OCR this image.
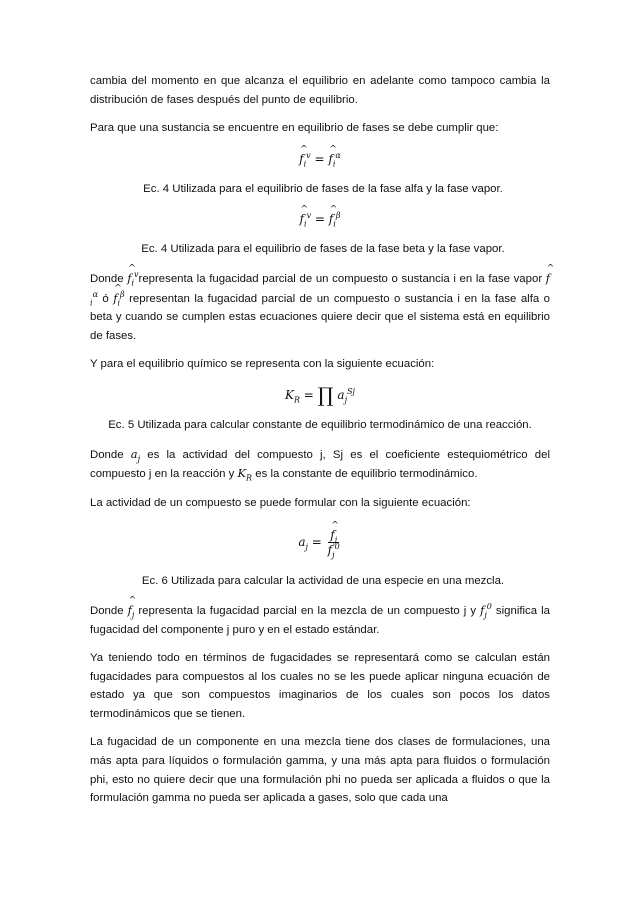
cambia del momento en que alcanza el equilibrio en adelante como tampoco cambia la distribución de fases después del punto de equilibrio.

Para que una sustancia se encuentre en equilibrio de fases se debe cumplir que:

^ $f_i^v$ = ^ $f_i^\alpha$

Ec. 4 Utilizada para el equilibrio de fases de la fase alfa y la fase vapor.

^ $f_i^v$ = ^ $f_i^\beta$

Ec. 4 Utilizada para el equilibrio de fases de la fase beta y la fase vapor.

Donde ^ $f_i^vrepresenta$ la fugacidad parcial de un compuesto o sustancia i en la fase vapor ^ $f_i^\alpha$ ó ^ $f_i^\beta$ representan la fugacidad parcial de un compuesto o sustancia i en la fase alfa o beta y cuando se cumplen estas ecuaciones quiere decir que el sistema está en equilibrio de fases.

Y para el equilibrio químico se representa con la siguiente ecuación:

$K_R$ = ∏ $a_j^{Sj}$

Ec. 5 Utilizada para calcular constante de equilibrio termodinámico de una reacción.

Donde $a_j$ es la actividad del compuesto j, Sj es el coeficiente estequiométrico del compuesto j en la reacción y $K_R$ es la constante de equilibrio termodinámico.

La actividad de un compuesto se puede formular con la siguiente ecuación:

$a_j$ =
^ $\frac{f_j}{f_j^0}$

Ec. 6 Utilizada para calcular la actividad de una especie en una mezcla.

Donde ^ $f_j$ representa la fugacidad parcial en la mezcla de un compuesto j y $f_j^0$ significa la fugacidad del componente j puro y en el estado estándar.

Ya teniendo todo en términos de fugacidades se representará como se calculan están fugacidades para compuestos al los cuales no se les puede aplicar ninguna ecuación de estado ya que son compuestos imaginarios de los cuales son pocos los datos termodinámicos que se tienen.

La fugacidad de un componente en una mezcla tiene dos clases de formulaciones, una más apta para líquidos o formulación gamma, y una más apta para fluidos o formulación phi, esto no quiere decir que una formulación phi no pueda ser aplicada a fluidos o que la formulación gamma no pueda ser aplicada a gases, solo que cada una
